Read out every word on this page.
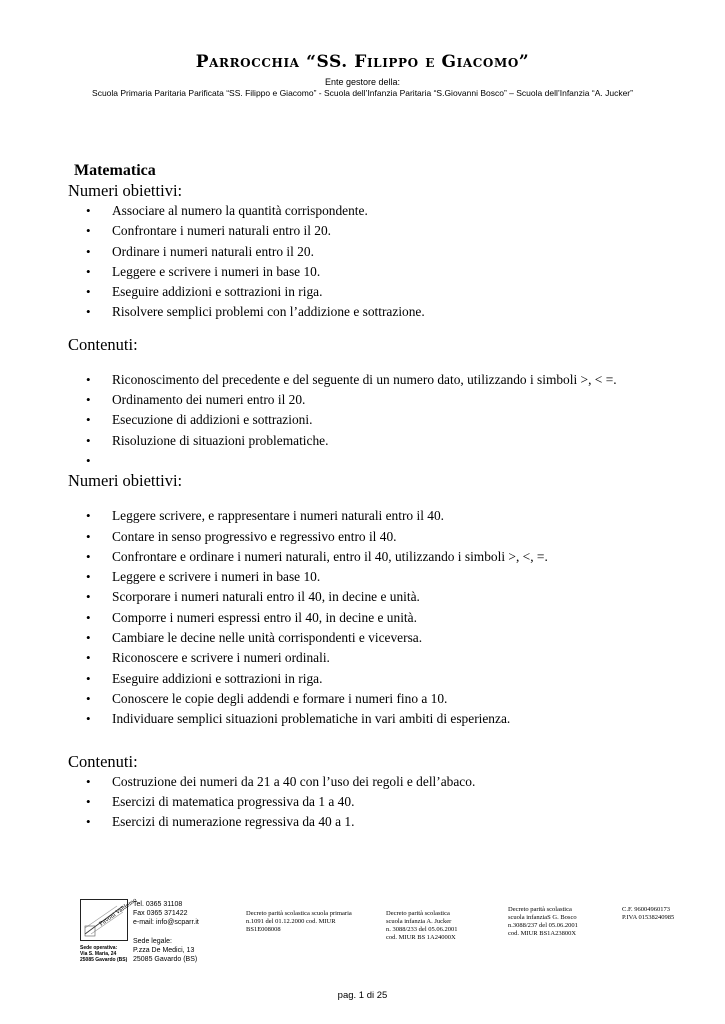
Parrocchia “SS. Filippo e Giacomo”
Ente gestore della:
Scuola Primaria Paritaria Parificata “SS. Filippo e Giacomo” - Scuola dell’Infanzia Paritaria “S.Giovanni Bosco” – Scuola dell’Infanzia “A. Jucker”
Matematica
Numeri obiettivi:
• Associare al numero la quantità corrispondente.
• Confrontare i numeri naturali entro il 20.
• Ordinare i numeri naturali entro il 20.
• Leggere e scrivere i numeri in base 10.
• Eseguire addizioni e sottrazioni in riga.
• Risolvere semplici problemi con l’addizione e sottrazione.
Contenuti:
• Riconoscimento del precedente e del seguente di un numero dato, utilizzando i simboli >, < =.
• Ordinamento dei numeri entro il 20.
• Esecuzione di addizioni e sottrazioni.
• Risoluzione di situazioni problematiche.
•
Numeri obiettivi:
• Leggere scrivere, e rappresentare i numeri naturali entro il 40.
• Contare in senso progressivo e regressivo entro il 40.
• Confrontare e ordinare i numeri naturali, entro il 40, utilizzando i simboli >, <, =.
• Leggere e scrivere i numeri in base 10.
• Scorporare i numeri naturali entro il 40, in decine e unità.
• Comporre i numeri espressi entro il 40, in decine e unità.
• Cambiare le decine nelle unità corrispondenti e viceversa.
• Riconoscere e scrivere i numeri ordinali.
• Eseguire addizioni e sottrazioni in riga.
• Conoscere le copie degli addendi e formare i numeri fino a 10.
• Individuare semplici situazioni problematiche in vari ambiti di esperienza.
Contenuti:
• Costruzione dei numeri da 21 a 40 con l’uso dei regoli e dell’abaco.
• Esercizi di matematica progressiva da 1 a 40.
• Esercizi di numerazione regressiva da 40 a 1.
Pavoni Valdomo
Sede operativa:
Via S. Maria, 24
25085 Gavardo (BS)
Tel. 0365 31108
Fax 0365 371422
e-mail: info@scparr.it
Sede legale:
P.zza De Medici, 13
25085 Gavardo (BS)
Decreto parità scolastica scuola primaria
n.1091 del 01.12.2000 cod. MIUR
BS1E008008
Decreto parità scolastica
scuola infanzia A. Jucker
n. 3088/233 del 05.06.2001
cod. MIUR BS 1A24000X
Decreto parità scolastica
scuola infanziaS G. Bosco
n.3088/237 del 05.06.2001
cod. MIUR BS1A23800X
C.F. 96004960173
P.IVA 01538240985
pag. 1 di 25
